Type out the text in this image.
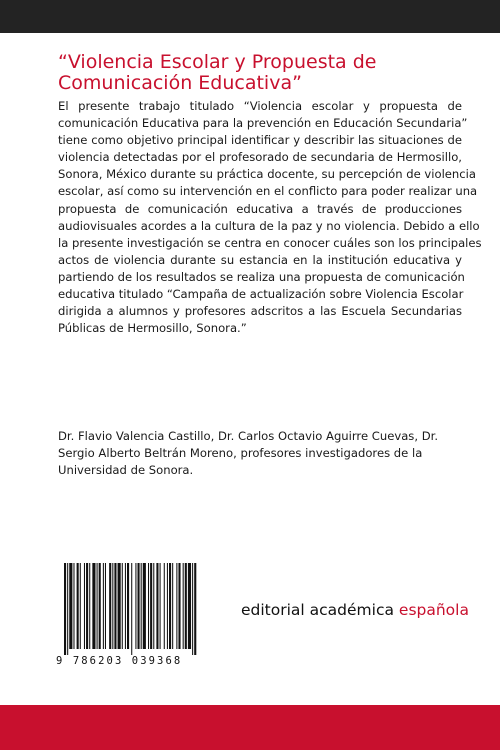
“Violencia Escolar y Propuesta de
Comunicación Educativa”
El presente trabajo titulado “Violencia escolar y propuesta de
comunicación Educativa para la prevención en Educación Secundaria”
tiene como objetivo principal identificar y describir las situaciones de
violencia detectadas por el profesorado de secundaria de Hermosillo,
Sonora, México durante su práctica docente, su percepción de violencia
escolar, así como su intervención en el conflicto para poder realizar una
propuesta de comunicación educativa a través de producciones
audiovisuales acordes a la cultura de la paz y no violencia. Debido a ello
la presente investigación se centra en conocer cuáles son los principales
actos de violencia durante su estancia en la institución educativa y
partiendo de los resultados se realiza una propuesta de comunicación
educativa titulado “Campaña de actualización sobre Violencia Escolar
dirigida a alumnos y profesores adscritos a las Escuela Secundarias
Públicas de Hermosillo, Sonora.”
Dr. Flavio Valencia Castillo, Dr. Carlos Octavio Aguirre Cuevas, Dr.
Sergio Alberto Beltrán Moreno, profesores investigadores de la
Universidad de Sonora.
9 786203 039368
editorial académica española
